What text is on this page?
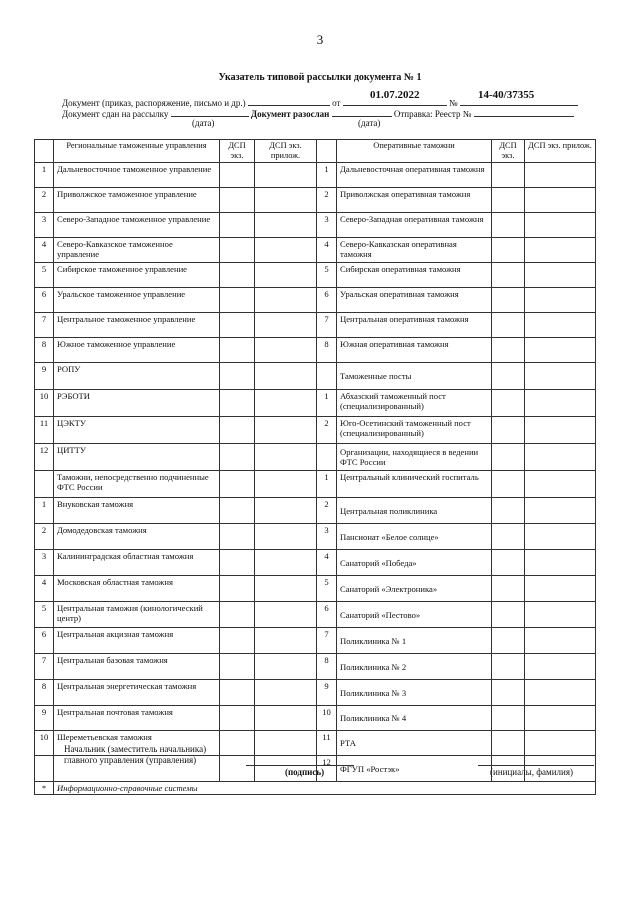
3
Указатель типовой рассылки документа № 1
01.07.2022	14-40/37355
Документ (приказ, распоряжение, письмо и др.)	от	№
Документ сдан на рассылку	Документ разослан	Отправка: Реестр №
(дата)	(дата)
	Региональные таможенные управления	ДСП экз.	ДСП экз. прилож.		Оперативные таможни	ДСП экз.	ДСП экз. прилож.
1	Дальневосточное таможенное управление			1	Дальневосточная оперативная таможня		
2	Приволжское таможенное управление			2	Приволжская оперативная таможня		
3	Северо-Западное таможенное управление			3	Северо-Западная оперативная таможня		
4	Северо-Кавказское таможенное управление			4	Северо-Кавказская оперативная таможня		
5	Сибирское таможенное управление			5	Сибирская оперативная таможня		
6	Уральское таможенное управление			6	Уральская оперативная таможня		
7	Центральное таможенное управление			7	Центральная оперативная таможня		
8	Южное таможенное управление			8	Южная оперативная таможня		
9	РОПУ				Таможенные посты		
10	РЭБОТИ			1	Абхазский таможенный пост (специализированный)		
11	ЦЭКТУ			2	Юго-Осетинский таможенный пост (специализированный)		
12	ЦИТТУ				Организации, находящиеся в ведении ФТС России		
	Таможни, непосредственно подчиненные ФТС России			1	Центральный клинический госпиталь		
1	Внуковская таможня			2	Центральная поликлиника		
2	Домодедовская таможня			3	Пансионат «Белое солнце»		
3	Калининградская областная таможня			4	Санаторий «Победа»		
4	Московская областная таможня			5	Санаторий «Электроника»		
5	Центральная таможня (кинологический центр)			6	Санаторий «Пестово»		
6	Центральная акцизная таможня			7	Поликлиника № 1		
7	Центральная базовая таможня			8	Поликлиника № 2		
8	Центральная энергетическая таможня			9	Поликлиника № 3		
9	Центральная почтовая таможня			10	Поликлиника № 4		
10	Шереметьевская таможня			11	РТА		
				12	ФГУП «Ростэк»		
*	Информационно-справочные системы						
Начальник (заместитель начальника)
главного управления (управления)
(подпись)	(инициалы, фамилия)
